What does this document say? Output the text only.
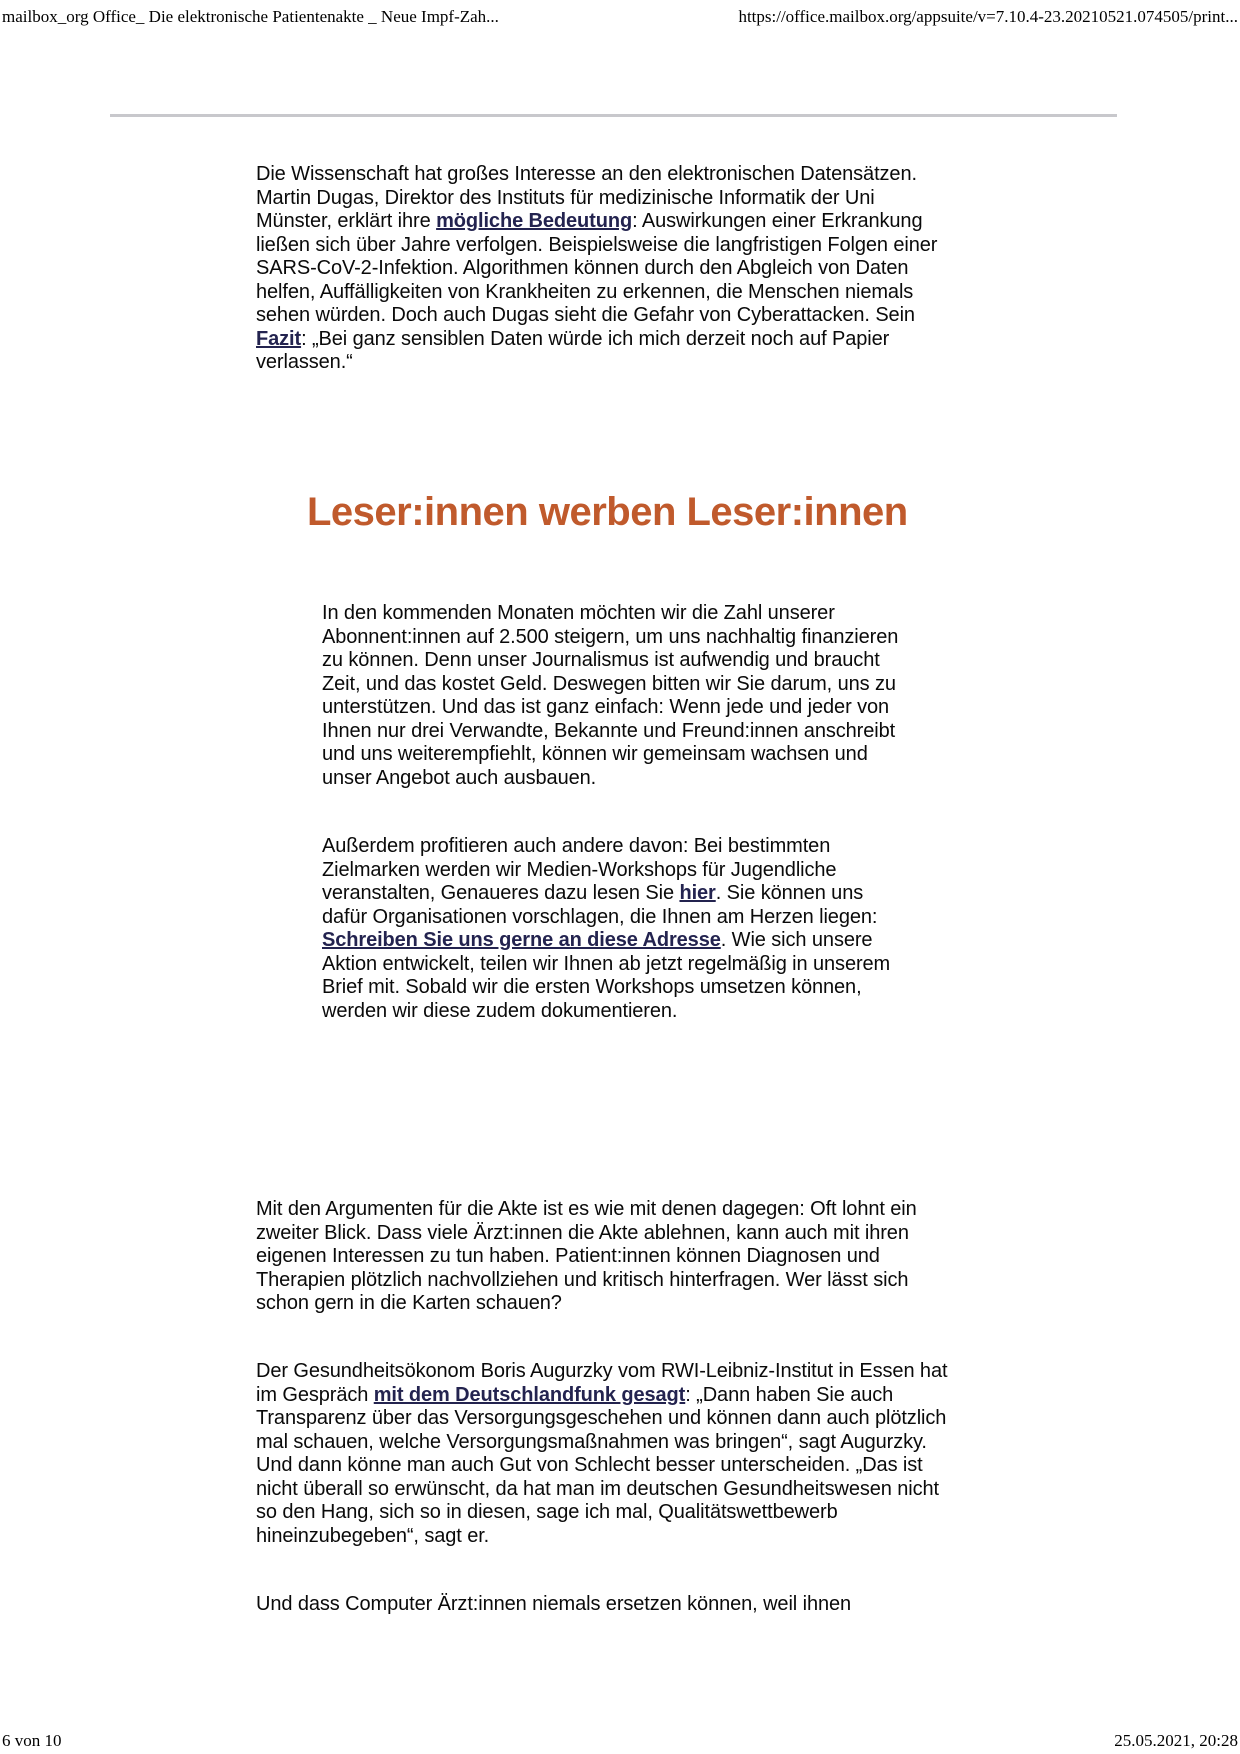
mailbox_org Office_ Die elektronische Patientenakte _ Neue Impf-Zah...	https://office.mailbox.org/appsuite/v=7.10.4-23.20210521.074505/print...
Die Wissenschaft hat großes Interesse an den elektronischen Datensätzen. Martin Dugas, Direktor des Instituts für medizinische Informatik der Uni Münster, erklärt ihre mögliche Bedeutung: Auswirkungen einer Erkrankung ließen sich über Jahre verfolgen. Beispielsweise die langfristigen Folgen einer SARS-CoV-2-Infektion. Algorithmen können durch den Abgleich von Daten helfen, Auffälligkeiten von Krankheiten zu erkennen, die Menschen niemals sehen würden. Doch auch Dugas sieht die Gefahr von Cyberattacken. Sein Fazit: „Bei ganz sensiblen Daten würde ich mich derzeit noch auf Papier verlassen.“
Leser:innen werben Leser:innen
In den kommenden Monaten möchten wir die Zahl unserer Abonnent:innen auf 2.500 steigern, um uns nachhaltig finanzieren zu können. Denn unser Journalismus ist aufwendig und braucht Zeit, und das kostet Geld. Deswegen bitten wir Sie darum, uns zu unterstützen. Und das ist ganz einfach: Wenn jede und jeder von Ihnen nur drei Verwandte, Bekannte und Freund:innen anschreibt und uns weiterempfiehlt, können wir gemeinsam wachsen und unser Angebot auch ausbauen.
Außerdem profitieren auch andere davon: Bei bestimmten Zielmarken werden wir Medien-Workshops für Jugendliche veranstalten, Genaueres dazu lesen Sie hier. Sie können uns dafür Organisationen vorschlagen, die Ihnen am Herzen liegen: Schreiben Sie uns gerne an diese Adresse. Wie sich unsere Aktion entwickelt, teilen wir Ihnen ab jetzt regelmäßig in unserem Brief mit. Sobald wir die ersten Workshops umsetzen können, werden wir diese zudem dokumentieren.
Mit den Argumenten für die Akte ist es wie mit denen dagegen: Oft lohnt ein zweiter Blick. Dass viele Ärzt:innen die Akte ablehnen, kann auch mit ihren eigenen Interessen zu tun haben. Patient:innen können Diagnosen und Therapien plötzlich nachvollziehen und kritisch hinterfragen. Wer lässt sich schon gern in die Karten schauen?
Der Gesundheitsökonom Boris Augurzky vom RWI-Leibniz-Institut in Essen hat im Gespräch mit dem Deutschlandfunk gesagt: „Dann haben Sie auch Transparenz über das Versorgungsgeschehen und können dann auch plötzlich mal schauen, welche Versorgungsmaßnahmen was bringen“, sagt Augurzky. Und dann könne man auch Gut von Schlecht besser unterscheiden. „Das ist nicht überall so erwünscht, da hat man im deutschen Gesundheitswesen nicht so den Hang, sich so in diesen, sage ich mal, Qualitätswettbewerb hineinzubegeben“, sagt er.
Und dass Computer Ärzt:innen niemals ersetzen können, weil ihnen
6 von 10	25.05.2021, 20:28
